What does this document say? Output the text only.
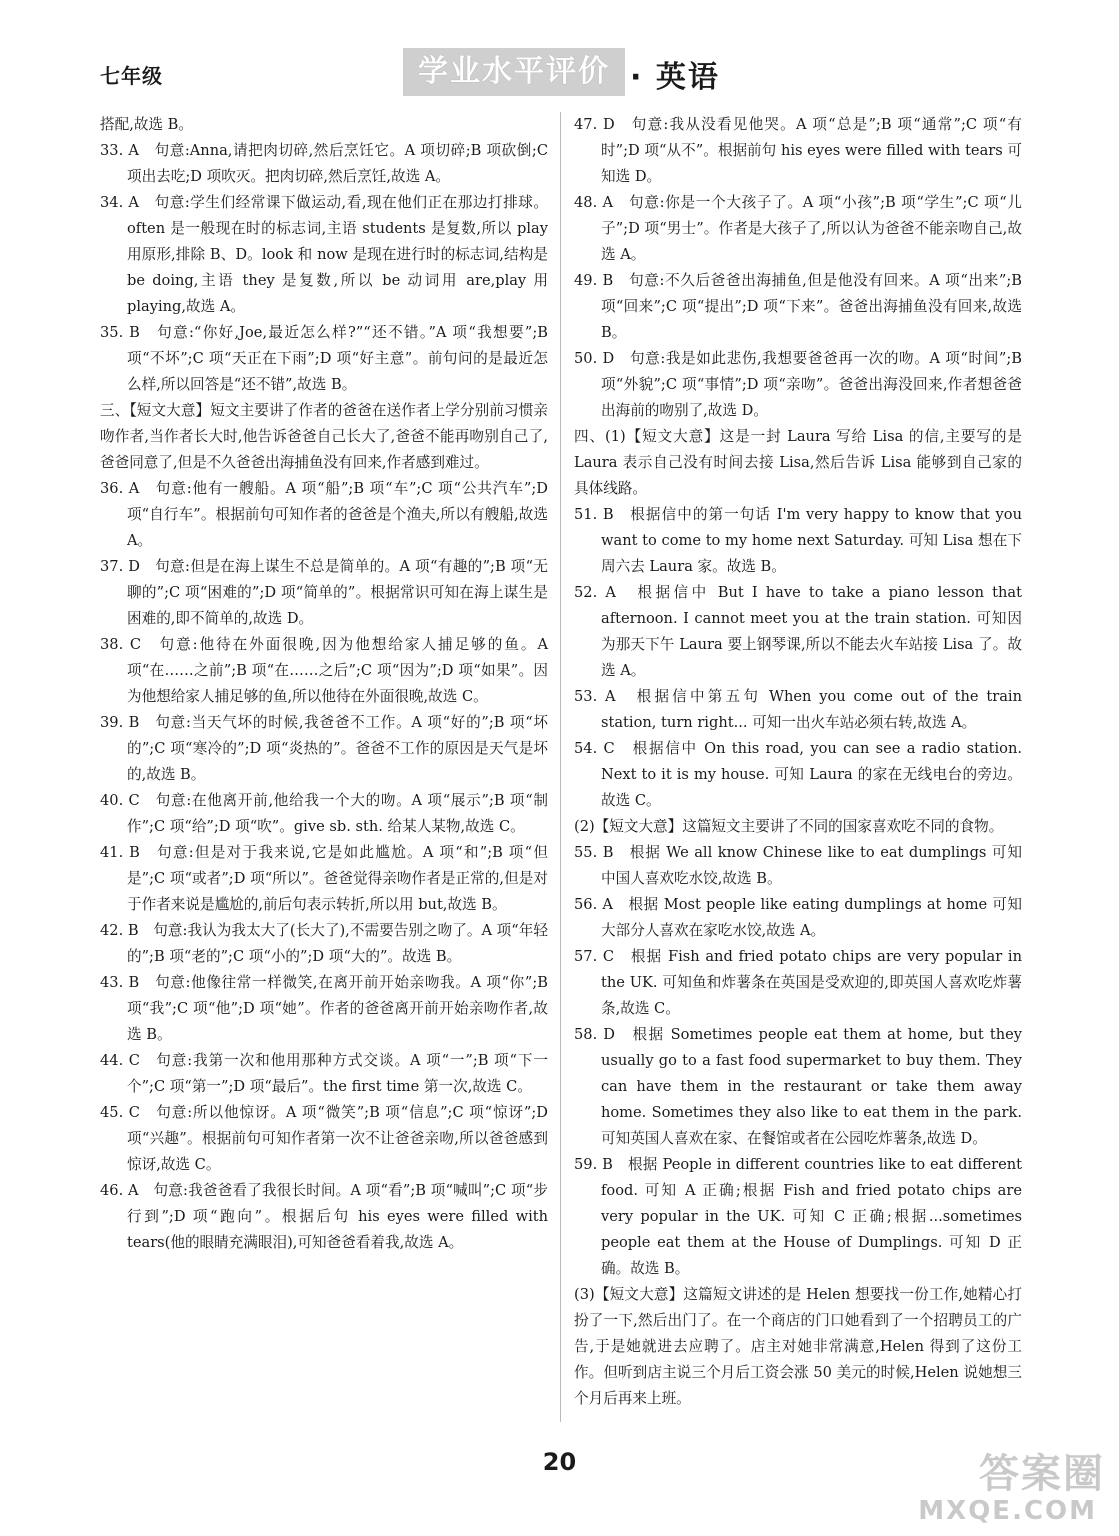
七年级	学业水平评价 · 英语
搭配,故选 B。
33. A　句意:Anna,请把肉切碎,然后烹饪它。A 项切碎;B 项砍倒;C 项出去吃;D 项吹灭。把肉切碎,然后烹饪,故选 A。
34. A　句意:学生们经常课下做运动,看,现在他们正在那边打排球。often 是一般现在时的标志词,主语 students 是复数,所以 play 用原形,排除 B、D。look 和 now 是现在进行时的标志词,结构是 be doing,主语 they 是复数,所以 be 动词用 are,play 用 playing,故选 A。
35. B　句意:“你好,Joe,最近怎么样?”“还不错。”A 项“我想要”;B 项“不坏”;C 项“天正在下雨”;D 项“好主意”。前句问的是最近怎么样,所以回答是“还不错”,故选 B。
三、【短文大意】短文主要讲了作者的爸爸在送作者上学分别前习惯亲吻作者,当作者长大时,他告诉爸爸自己长大了,爸爸不能再吻别自己了,爸爸同意了,但是不久爸爸出海捕鱼没有回来,作者感到难过。
36. A　句意:他有一艘船。A 项“船”;B 项“车”;C 项“公共汽车”;D 项“自行车”。根据前句可知作者的爸爸是个渔夫,所以有艘船,故选 A。
37. D　句意:但是在海上谋生不总是简单的。A 项“有趣的”;B 项“无聊的”;C 项“困难的”;D 项“简单的”。根据常识可知在海上谋生是困难的,即不简单的,故选 D。
38. C　句意:他待在外面很晚,因为他想给家人捕足够的鱼。A 项“在……之前”;B 项“在……之后”;C 项“因为”;D 项“如果”。因为他想给家人捕足够的鱼,所以他待在外面很晚,故选 C。
39. B　句意:当天气坏的时候,我爸爸不工作。A 项“好的”;B 项“坏的”;C 项“寒冷的”;D 项“炎热的”。爸爸不工作的原因是天气是坏的,故选 B。
40. C　句意:在他离开前,他给我一个大的吻。A 项“展示”;B 项“制作”;C 项“给”;D 项“吹”。give sb. sth. 给某人某物,故选 C。
41. B　句意:但是对于我来说,它是如此尴尬。A 项“和”;B 项“但是”;C 项“或者”;D 项“所以”。爸爸觉得亲吻作者是正常的,但是对于作者来说是尴尬的,前后句表示转折,所以用 but,故选 B。
42. B　句意:我认为我太大了(长大了),不需要告别之吻了。A 项“年轻的”;B 项“老的”;C 项“小的”;D 项“大的”。故选 B。
43. B　句意:他像往常一样微笑,在离开前开始亲吻我。A 项“你”;B 项“我”;C 项“他”;D 项“她”。作者的爸爸离开前开始亲吻作者,故选 B。
44. C　句意:我第一次和他用那种方式交谈。A 项“一”;B 项“下一个”;C 项“第一”;D 项“最后”。the first time 第一次,故选 C。
45. C　句意:所以他惊讶。A 项“微笑”;B 项“信息”;C 项“惊讶”;D 项“兴趣”。根据前句可知作者第一次不让爸爸亲吻,所以爸爸感到惊讶,故选 C。
46. A　句意:我爸爸看了我很长时间。A 项“看”;B 项“喊叫”;C 项“步行到”;D 项“跑向”。根据后句 his eyes were filled with tears(他的眼睛充满眼泪),可知爸爸看着我,故选 A。
47. D　句意:我从没看见他哭。A 项“总是”;B 项“通常”;C 项“有时”;D 项“从不”。根据前句 his eyes were filled with tears 可知选 D。
48. A　句意:你是一个大孩子了。A 项“小孩”;B 项“学生”;C 项“儿子”;D 项“男士”。作者是大孩子了,所以认为爸爸不能亲吻自己,故选 A。
49. B　句意:不久后爸爸出海捕鱼,但是他没有回来。A 项“出来”;B 项“回来”;C 项“提出”;D 项“下来”。爸爸出海捕鱼没有回来,故选 B。
50. D　句意:我是如此悲伤,我想要爸爸再一次的吻。A 项“时间”;B 项“外貌”;C 项“事情”;D 项“亲吻”。爸爸出海没回来,作者想爸爸出海前的吻别了,故选 D。
四、(1)【短文大意】这是一封 Laura 写给 Lisa 的信,主要写的是 Laura 表示自己没有时间去接 Lisa,然后告诉 Lisa 能够到自己家的具体线路。
51. B　根据信中的第一句话 I'm very happy to know that you want to come to my home next Saturday. 可知 Lisa 想在下周六去 Laura 家。故选 B。
52. A　根据信中 But I have to take a piano lesson that afternoon. I cannot meet you at the train station. 可知因为那天下午 Laura 要上钢琴课,所以不能去火车站接 Lisa 了。故选 A。
53. A　根据信中第五句 When you come out of the train station, turn right... 可知一出火车站必须右转,故选 A。
54. C　根据信中 On this road, you can see a radio station. Next to it is my house. 可知 Laura 的家在无线电台的旁边。故选 C。
(2)【短文大意】这篇短文主要讲了不同的国家喜欢吃不同的食物。
55. B　根据 We all know Chinese like to eat dumplings 可知中国人喜欢吃水饺,故选 B。
56. A　根据 Most people like eating dumplings at home 可知大部分人喜欢在家吃水饺,故选 A。
57. C　根据 Fish and fried potato chips are very popular in the UK. 可知鱼和炸薯条在英国是受欢迎的,即英国人喜欢吃炸薯条,故选 C。
58. D　根据 Sometimes people eat them at home, but they usually go to a fast food supermarket to buy them. They can have them in the restaurant or take them away home. Sometimes they also like to eat them in the park. 可知英国人喜欢在家、在餐馆或者在公园吃炸薯条,故选 D。
59. B　根据 People in different countries like to eat different food. 可知 A 正确;根据 Fish and fried potato chips are very popular in the UK. 可知 C 正确;根据...sometimes people eat them at the House of Dumplings. 可知 D 正确。故选 B。
(3)【短文大意】这篇短文讲述的是 Helen 想要找一份工作,她精心打扮了一下,然后出门了。在一个商店的门口她看到了一个招聘员工的广告,于是她就进去应聘了。店主对她非常满意,Helen 得到了这份工作。但听到店主说三个月后工资会涨 50 美元的时候,Helen 说她想三个月后再来上班。
20	答案圈
MXQE.COM
